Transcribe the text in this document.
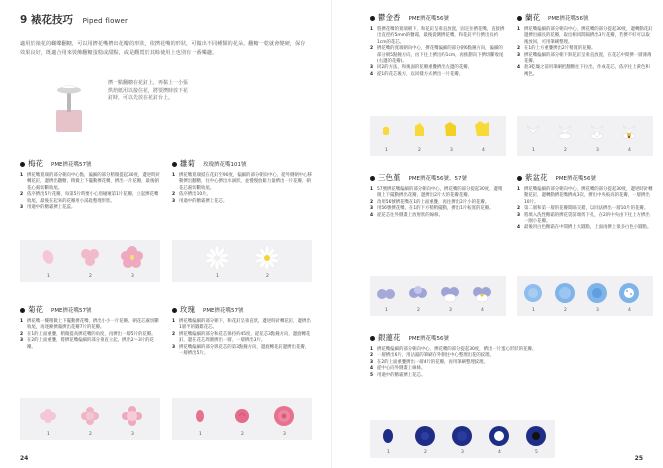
9 裱花技巧 Piped flower
適用於裱花的蝴蝶翻糖，可以用擠花嘴擠出花瓣的形狀，依擠花嘴的形狀，可做出不同種類的花朵。翻糖一乾就會變硬，保存效果良好，既適合用來裝飾翻糖蛋糕或甜點，或是觀賞於其餘使用上也別有一番樂趣。
擠一點翻糖在花釘上，再黏上一小張烘焙紙用以接住花，將要擠時放下花釘時，可以先放在花釘台上。
梅花 PME擠花嘴57號
1 擠花嘴寬端的部分朝向中心點，偏細的部分稍微提起30度，邊逆時針轉花釘，邊擠出翻糖，稍微上下擺動擠花嘴，擠出一片花瓣，最後朝花心處切斷收尾。
2 依序擠出5片花瓣，每第5片時要小心別碰壞第1片花瓣，立起擠花嘴收尾，最後在起來的花瓣用小湯匙整理形狀。
3 用適中的糖霜擠上花蕊。
1	2	3
雛菊 玫瑰擠花嘴101號
1 擠花嘴寬端抵在花釘至90度，偏細的部分朝向中心，從外側朝中心移動擠出翻糖，往中心擠出水滴狀，並慢慢放鬆力量擠出一片花瓣，朝花芯處切斷收尾。
2 依序擠出10片。
3 用適中的糖霜擠上花芯。
1	2
菊花 PME擠花嘴57號
1 擠花嘴一樓稍微上下擺動擠花嘴，擠出小小一片花瓣，朝花芯處切斷收尾，再逐漸擠滿擠出花瓣7片的花瓣。
2 在1的上面重疊，稍微提高擠花嘴的角度，再擠出一層5片的花瓣。
3 在2的上面重疊，將擠花嘴偏細的部分垂直立起，擠出2～3片的花瓣。
1	2	3
玫瑰 PME擠花嘴57號
1 擠花嘴偏細的部分朝下，和花釘呈垂直狀，邊逆時針轉花釘，邊擠出1層半的圓錐花芯。
2 擠花嘴偏細的部分和花芯保持約45度，從花芯3點鐘方向，邊旋轉花釘，邊在花芯周圍擠出一層，一層擠出3片。
3 擠花嘴偏細的部分與花芯的第3點鐘方向，邊旋轉花釘邊擠出花瓣，一層擠出5片。
1	2	3
24
鬱金香 PME擠花嘴56號
1 將擠花嘴的寬端朝下，和花釘呈垂直放置，固定住擠花嘴，直接擠出直徑約5mm的糖霜，最後從側擠花嘴，和花釘平行擠出長約1cm的花芯。
2 擠花嘴的寬端朝向中心，擠花嘴偏細的部分朝6點鐘方向，偏細的部分朝5點鐘方向，由下往上擠出約1cm，再推劃向下擠切斷收尾(右邊的花瓣)。
3 同2的方法，和後面的花瓣重疊擠出左邊的花瓣。
4 從1的花芯後方，以同樣方式擠出一片花瓣。
1	2	3	4
蘭花 PME擠花嘴56號
1 擠花嘴偏細的部分朝向中心，擠花嘴的部分提起30度，邊轉動花釘邊擠出細長的花瓣，取出相同間隔擠出3片花瓣，若擠不好可以取後放回，可用筆刷整理。
2 在1的上方重疊擠出2片稍寬的花瓣。
3 擠花嘴偏細的部分朝下與花釘呈垂直放置，在花芯中間擠一層薄薄花瓣。
4 趁3乾燥之前用筆刷把翻糖往下拉出，作成花芯，依序往上黃色和褐色。
1	2	3	4
三色堇 PME擠花嘴56號、57號
1 57號擠花嘴偏細的部分朝向中心，擠花嘴的部分提起30度，邊稍微上下擺動擠出花瓣，邊擠出2片大的花瓣花瓣。
2 改用56號擠花嘴在1的上面重疊，再往擠出2片小的花瓣。
3 用56號擠花嘴，在1的下方稍稍擺動，擠出1片較寬的花瓣。
4 從花芯往外側畫上放射狀的線條。
1	2	3	4
紫盆花 PME擠花嘴56號
1 擠花嘴偏細的部分朝向中心，擠花嘴的部分提起30度，邊逆時針轉動花釘，邊轉動擠花嘴擠成3次，擠出中央較高的花瓣，一層擠出10片。
2 第二層和第一層的花瓣間隔交錯，以同法擠出一層10片的花瓣。
3 將填入洗性糖霜的擠花袋前端剪下孔，在2的中央由下往上方擠出一圈小花瓣。
4 最後用白色糖霜在中間擠上大圓點，上面再擠上很多白色小圓點。
1	2	3	4
銀蓮花 PME擠花嘴56號
1 擠花嘴偏細的部分朝向中心，擠花嘴的部分提起30度，擠出一片蛋心形狀的花瓣。
2 一層擠出6片，用沾濕的筆刷在外側往中心整理出花的紋理。
3 在2的上面重疊擠出一層4片的花瓣，再用筆刷整理紋理。
4 從中心向外側畫上線條。
5 用適中的糖霜擠上花芯。
1	2	3	4	5
25
